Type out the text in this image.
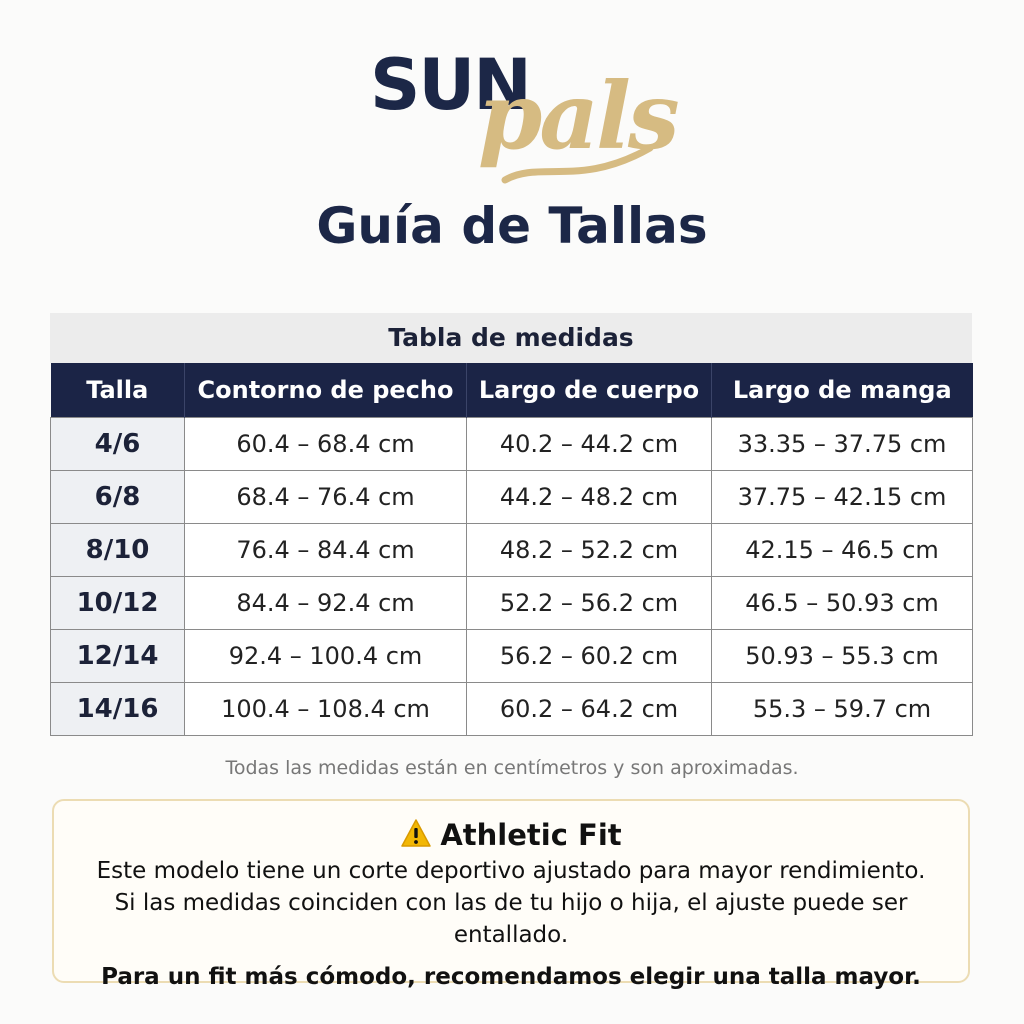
SUN
pals
Guía de Tallas
Tabla de medidas
Talla	Contorno de pecho	Largo de cuerpo	Largo de manga
4/6	60.4 – 68.4 cm	40.2 – 44.2 cm	33.35 – 37.75 cm
6/8	68.4 – 76.4 cm	44.2 – 48.2 cm	37.75 – 42.15 cm
8/10	76.4 – 84.4 cm	48.2 – 52.2 cm	42.15 – 46.5 cm
10/12	84.4 – 92.4 cm	52.2 – 56.2 cm	46.5 – 50.93 cm
12/14	92.4 – 100.4 cm	56.2 – 60.2 cm	50.93 – 55.3 cm
14/16	100.4 – 108.4 cm	60.2 – 64.2 cm	55.3 – 59.7 cm
Todas las medidas están en centímetros y son aproximadas.
Athletic Fit
Este modelo tiene un corte deportivo ajustado para mayor rendimiento.
Si las medidas coinciden con las de tu hijo o hija, el ajuste puede ser entallado.
Para un fit más cómodo, recomendamos elegir una talla mayor.
